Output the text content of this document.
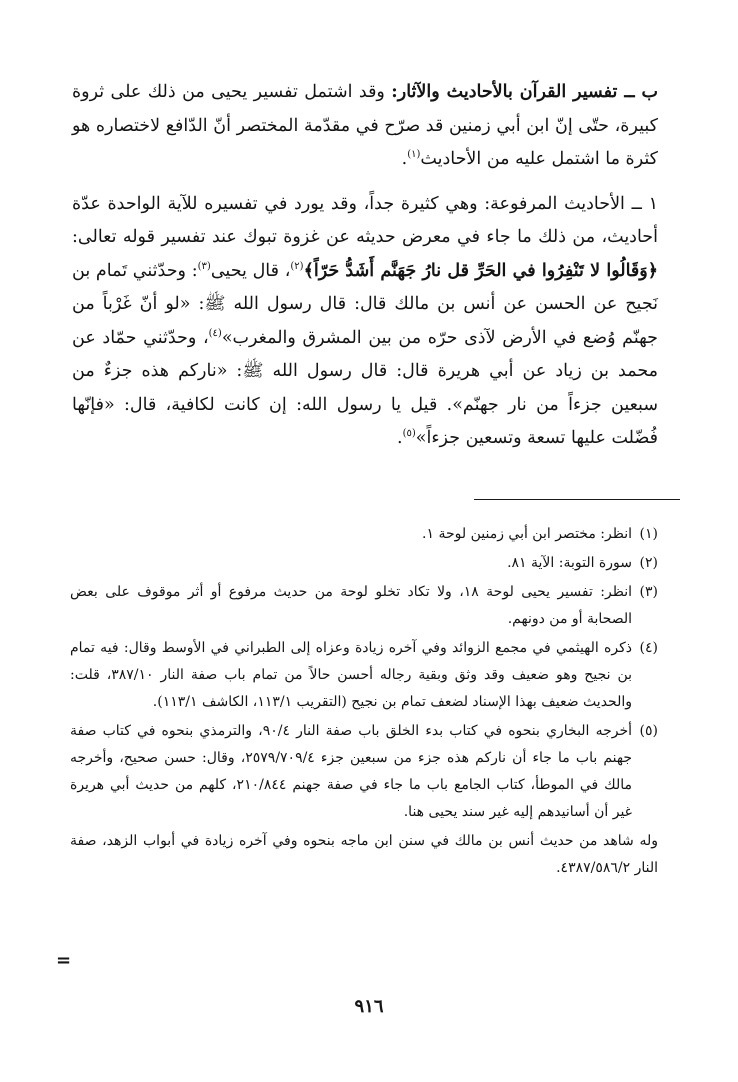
ب ــ تفسير القرآن بالأحاديث والآثار: وقد اشتمل تفسير يحيى من ذلك على ثروة كبيرة، حتّى إنّ ابن أبي زمنين قد صرّح في مقدّمة المختصر أنّ الدّافع لاختصاره هو كثرة ما اشتمل عليه من الأحاديث$^{(١)}$.

١ ــ الأحاديث المرفوعة: وهي كثيرة جداً، وقد يورد في تفسيره للآية الواحدة عدّة أحاديث، من ذلك ما جاء في معرض حديثه عن غزوة تبوك عند تفسير قوله تعالى: ﴿وَقَالُوا لا تَنْفِرُوا في الحَرِّ قل نارُ جَهَنَّم أَشَدُّ حَرّاً﴾$^{(٢)}$، قال يحيى$^{(٣)}$: وحدّثني تَمام بن نَجيح عن الحسن عن أنس بن مالك قال: قال رسول الله ﷺ: «لو أنّ غَرْباً من جهنّم وُضع في الأرض لآذى حرّه من بين المشرق والمغرب»$^{(٤)}$، وحدّثني حمّاد عن محمد بن زياد عن أبي هريرة قال: قال رسول الله ﷺ: «ناركم هذه جزءٌ من سبعين جزءاً من نار جهنّم». قيل يا رسول الله: إن كانت لكافية، قال: «فإنّها فُضّلت عليها تسعة وتسعين جزءاً»$^{(٥)}$.

(١)
انظر: مختصر ابن أبي زمنين لوحة ١.
(٢)
سورة التوبة: الآية ٨١.
(٣)
انظر: تفسير يحيى لوحة ١٨، ولا تكاد تخلو لوحة من حديث مرفوع أو أثر موقوف على بعض الصحابة أو من دونهم.
(٤)
ذكره الهيثمي في مجمع الزوائد وفي آخره زيادة وعزاه إلى الطبراني في الأوسط وقال: فيه تمام بن نجيح وهو ضعيف وقد وثق وبقية رجاله أحسن حالاً من تمام باب صفة النار ٣٨٧/١٠، قلت: والحديث ضعيف بهذا الإسناد لضعف تمام بن نجيح (التقريب ١١٣/١، الكاشف ١١٣/١).
(٥)

أخرجه البخاري بنحوه في كتاب بدء الخلق باب صفة النار ٩٠/٤، والترمذي بنحوه في كتاب صفة جهنم باب ما جاء أن ناركم هذه جزء من سبعين جزء ٢٥٧٩/٧٠٩/٤، وقال: حسن صحيح، وأخرجه مالك في الموطأ، كتاب الجامع باب ما جاء في صفة جهنم ٢١٠/٨٤٤، كلهم من حديث أبي هريرة غير أن أسانيدهم إليه غير سند يحيى هنا.

وله شاهد من حديث أنس بن مالك في سنن ابن ماجه بنحوه وفي آخره زيادة في أبواب الزهد، صفة النار ٤٣٨٧/٥٨٦/٢.

=
٩١٦
